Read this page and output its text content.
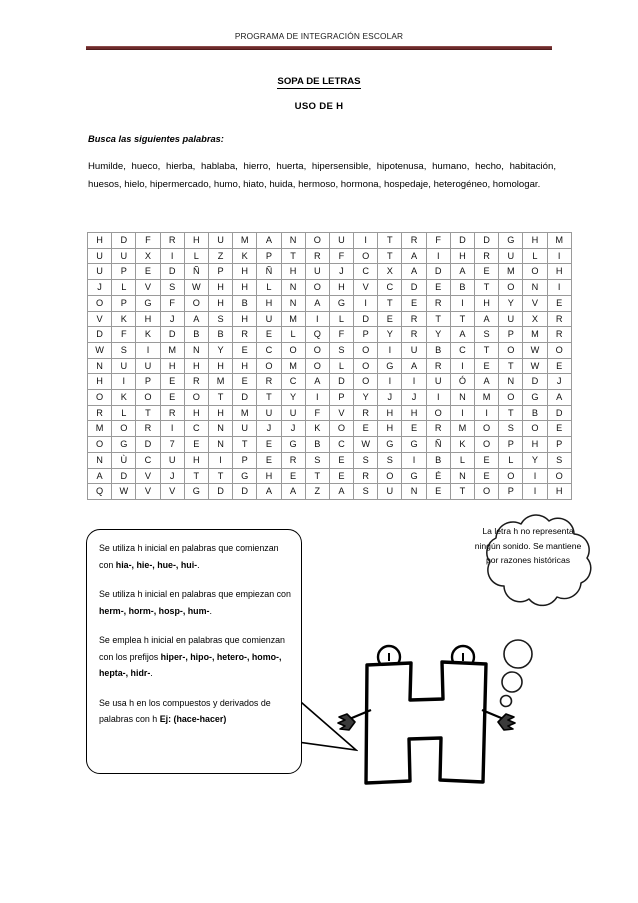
PROGRAMA DE INTEGRACIÓN ESCOLAR
SOPA DE LETRAS
USO DE H
Busca las siguientes palabras:
Humilde, hueco, hierba, hablaba, hierro, huerta, hipersensible, hipotenusa, humano, hecho, habitación, huesos, hielo, hipermercado, humo, hiato, huida, hermoso, hormona, hospedaje, heterogéneo, homologar.
H	D	F	R	H	U	M	A	N	O	U	I	T	R	F	D	D	G	H	M
U	U	X	I	L	Z	K	P	T	R	F	O	T	A	I	H	R	U	L	I
U	P	E	D	Ñ	P	H	Ñ	H	U	J	C	X	A	D	A	E	M	O	H
J	L	V	S	W	H	H	L	N	O	H	V	C	D	E	B	T	O	N	I
O	P	G	F	O	H	B	H	N	A	G	I	T	E	R	I	H	Y	V	E
V	K	H	J	A	S	H	U	M	I	L	D	E	R	T	T	A	U	X	R
D	F	K	D	B	B	R	E	L	Q	F	P	Y	R	Y	A	S	P	M	R
W	S	I	M	N	Y	E	C	O	O	S	O	I	U	B	C	T	O	W	O
N	U	U	H	H	H	H	O	M	O	L	O	G	A	R	I	E	T	W	E
H	I	P	E	R	M	E	R	C	A	D	O	I	I	U	Ó	A	N	D	J
O	K	O	E	O	T	D	T	Y	I	P	Y	J	J	I	N	M	O	G	A
R	L	T	R	H	H	M	U	U	F	V	R	H	H	O	I	I	T	B	D
M	O	R	I	C	N	U	J	J	K	O	E	H	E	R	M	O	S	O	E
O	G	D	7	E	N	T	E	G	B	C	W	G	G	Ñ	K	O	P	H	P
N	Ù	C	U	H	I	P	E	R	S	E	S	S	I	B	L	E	L	Y	S
A	D	V	J	T	T	G	H	E	T	E	R	O	G	É	N	E	O	I	O
Q	W	V	V	G	D	D	A	A	Z	A	S	U	N	E	T	O	P	I	H

Se utiliza h inicial en palabras que comienzan con hia-, hie-, hue-, hui-.

Se utiliza h inicial en palabras que empiezan con herm-, horm-, hosp-, hum-.

Se emplea h inicial en palabras que comienzan con los prefijos hiper-, hipo-, hetero-, homo-, hepta-, hidr-.

Se usa h en los compuestos y derivados de palabras con h Ej: (hace-hacer)

La letra h no representa ningún sonido. Se mantiene por razones históricas
